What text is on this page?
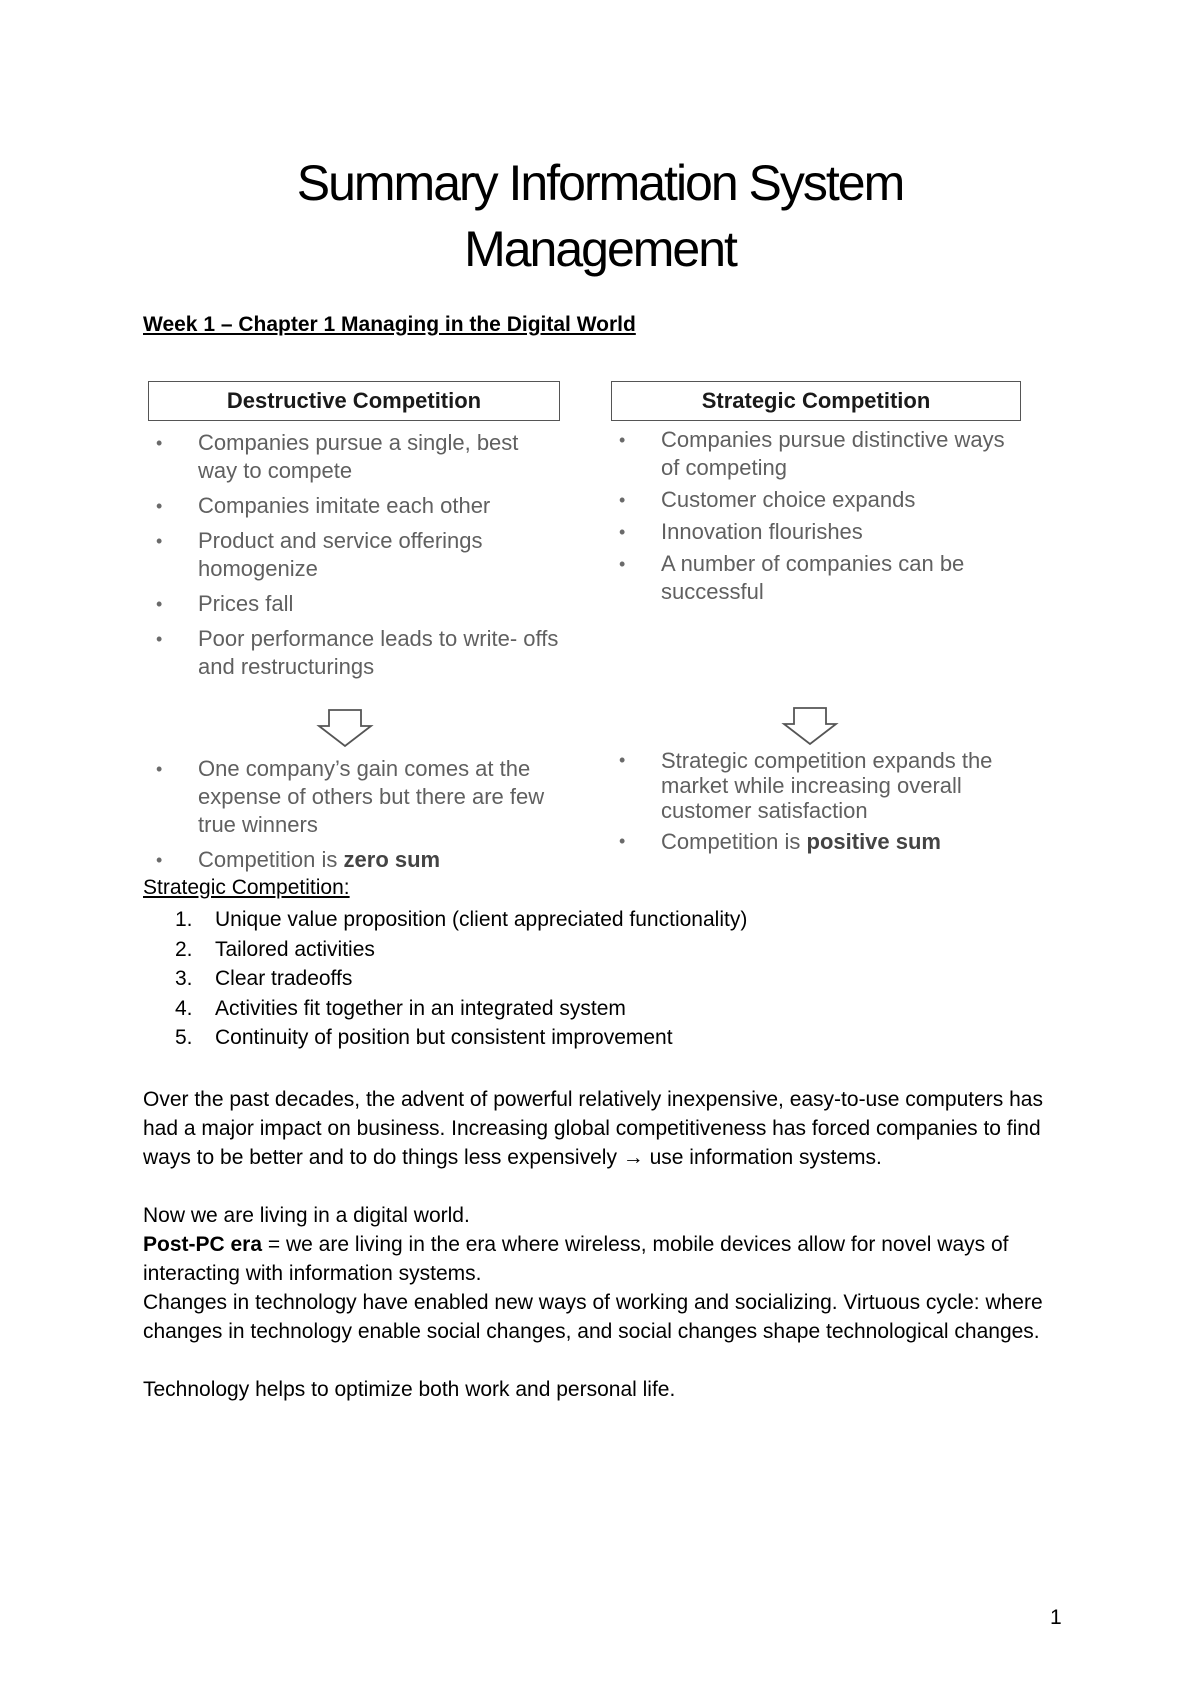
Summary Information System
Management
Week 1 – Chapter 1 Managing in the Digital World
Destructive Competition
• Companies pursue a single, best way to compete
• Companies imitate each other
• Product and service offerings homogenize
• Prices fall
• Poor performance leads to write- offs and restructurings
• One company’s gain comes at the expense of others but there are few true winners
• Competition is zero sum
Strategic Competition
• Companies pursue distinctive ways of competing
• Customer choice expands
• Innovation flourishes
• A number of companies can be successful
• Strategic competition expands the market while increasing overall customer satisfaction
• Competition is positive sum
Strategic Competition:
1. Unique value proposition (client appreciated functionality)
2. Tailored activities
3. Clear tradeoffs
4. Activities fit together in an integrated system
5. Continuity of position but consistent improvement
Over the past decades, the advent of powerful relatively inexpensive, easy-to-use computers has had a major impact on business. Increasing global competitiveness has forced companies to find ways to be better and to do things less expensively → use information systems.
Now we are living in a digital world.
Post-PC era = we are living in the era where wireless, mobile devices allow for novel ways of interacting with information systems.
Changes in technology have enabled new ways of working and socializing. Virtuous cycle: where changes in technology enable social changes, and social changes shape technological changes.
Technology helps to optimize both work and personal life.
1
